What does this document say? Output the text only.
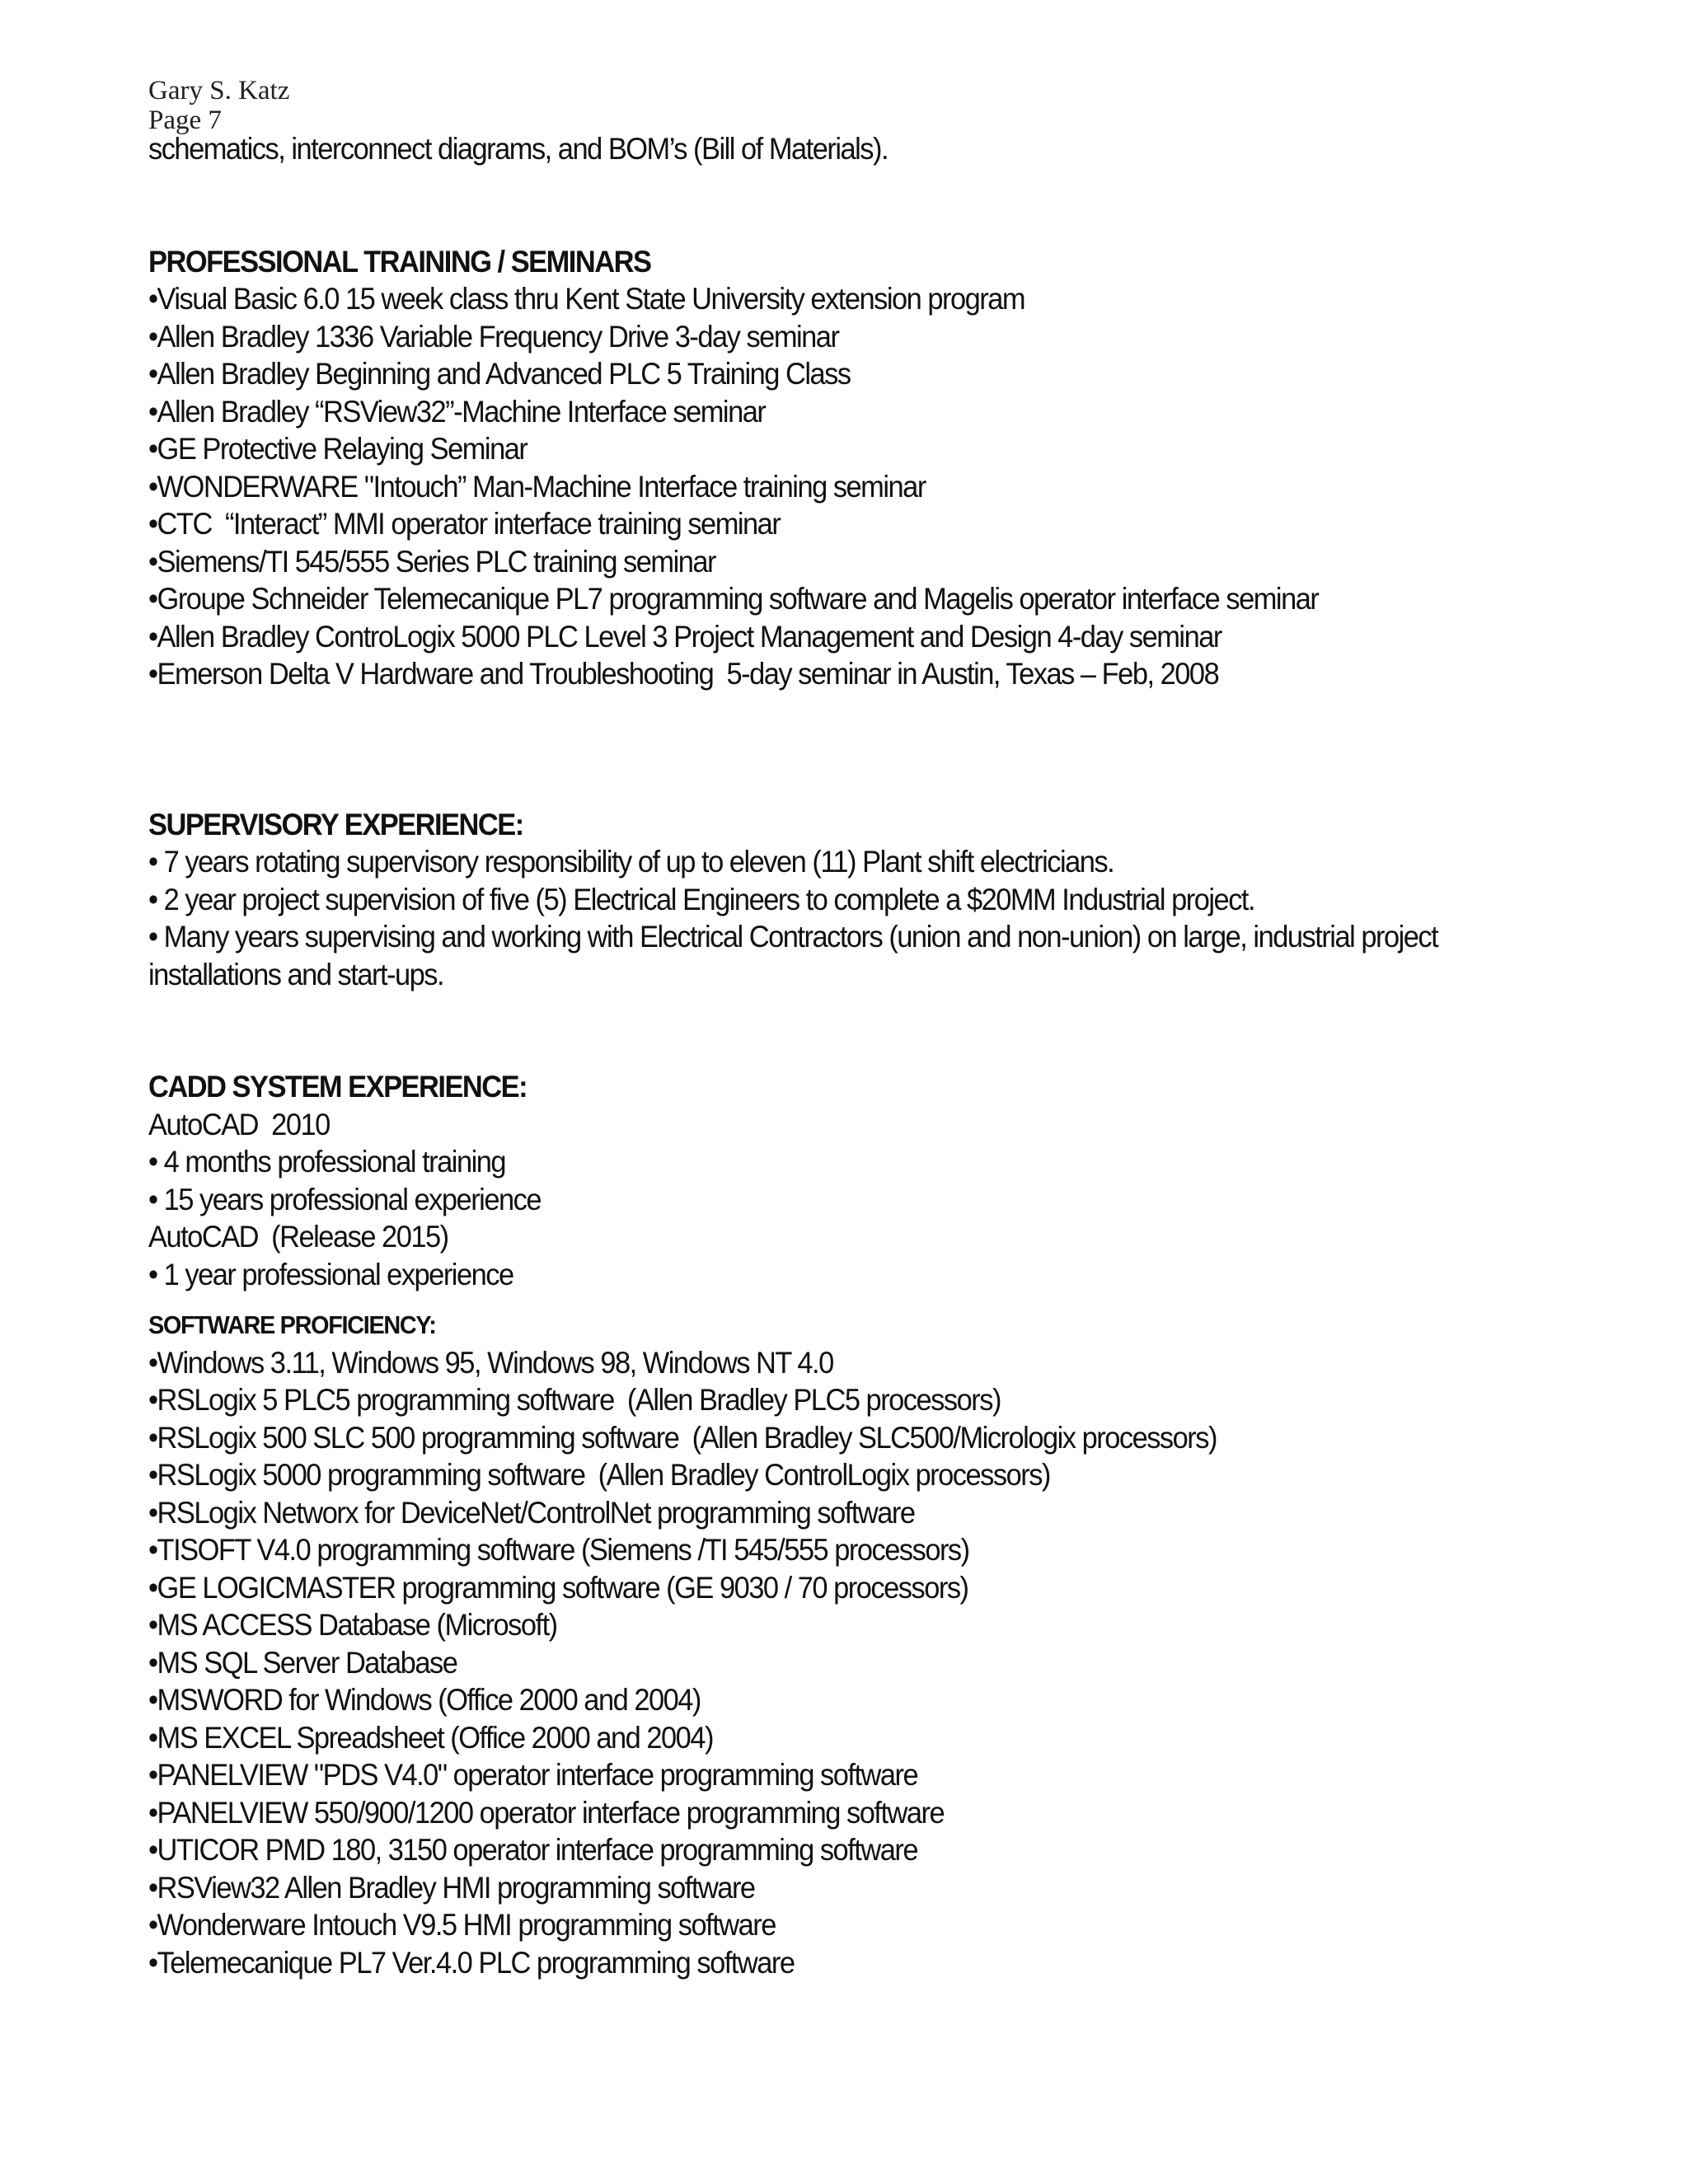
Gary S. Katz
Page 7
schematics, interconnect diagrams, and BOM’s (Bill of Materials).
PROFESSIONAL TRAINING / SEMINARS
•Visual Basic 6.0 15 week class thru Kent State University extension program
•Allen Bradley 1336 Variable Frequency Drive 3-day seminar
•Allen Bradley Beginning and Advanced PLC 5 Training Class
•Allen Bradley “RSView32”-Machine Interface seminar
•GE Protective Relaying Seminar
•WONDERWARE "Intouch” Man-Machine Interface training seminar
•CTC  “Interact” MMI operator interface training seminar
•Siemens/TI 545/555 Series PLC training seminar
•Groupe Schneider Telemecanique PL7 programming software and Magelis operator interface seminar
•Allen Bradley ControLogix 5000 PLC Level 3 Project Management and Design 4-day seminar
•Emerson Delta V Hardware and Troubleshooting  5-day seminar in Austin, Texas – Feb, 2008
SUPERVISORY EXPERIENCE:
• 7 years rotating supervisory responsibility of up to eleven (11) Plant shift electricians.
• 2 year project supervision of five (5) Electrical Engineers to complete a $20MM Industrial project.
• Many years supervising and working with Electrical Contractors (union and non-union) on large, industrial project
installations and start-ups.
CADD SYSTEM EXPERIENCE:
AutoCAD  2010
• 4 months professional training
• 15 years professional experience
AutoCAD  (Release 2015)
• 1 year professional experience
SOFTWARE PROFICIENCY:
•Windows 3.11, Windows 95, Windows 98, Windows NT 4.0
•RSLogix 5 PLC5 programming software  (Allen Bradley PLC5 processors)
•RSLogix 500 SLC 500 programming software  (Allen Bradley SLC500/Micrologix processors)
•RSLogix 5000 programming software  (Allen Bradley ControlLogix processors)
•RSLogix Networx for DeviceNet/ControlNet programming software
•TISOFT V4.0 programming software (Siemens /TI 545/555 processors)
•GE LOGICMASTER programming software (GE 9030 / 70 processors)
•MS ACCESS Database (Microsoft)
•MS SQL Server Database
•MSWORD for Windows (Office 2000 and 2004)
•MS EXCEL Spreadsheet (Office 2000 and 2004)
•PANELVIEW "PDS V4.0" operator interface programming software
•PANELVIEW 550/900/1200 operator interface programming software
•UTICOR PMD 180, 3150 operator interface programming software
•RSView32 Allen Bradley HMI programming software
•Wonderware Intouch V9.5 HMI programming software
•Telemecanique PL7 Ver.4.0 PLC programming software
